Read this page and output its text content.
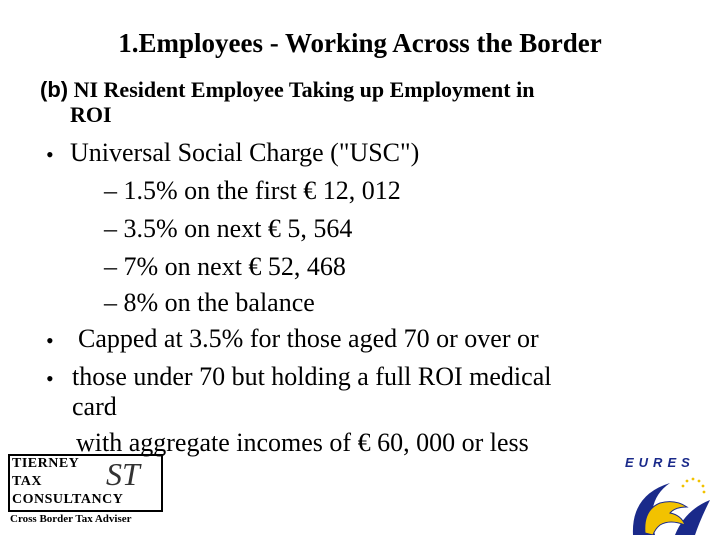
1.Employees - Working Across the Border
(b) NI Resident Employee Taking up Employment in
ROI
• Universal Social Charge ("USC")
– 1.5% on the first € 12, 012
– 3.5% on next € 5, 564
– 7% on next € 52, 468
– 8% on the balance
• Capped at 3.5% for those aged 70 or over or
• those under 70 but holding a full ROI medical
card
with aggregate incomes of € 60, 000 or less
TIERNEY
TAX
CONSULTANCY
ST
Cross Border Tax Adviser
EURES
